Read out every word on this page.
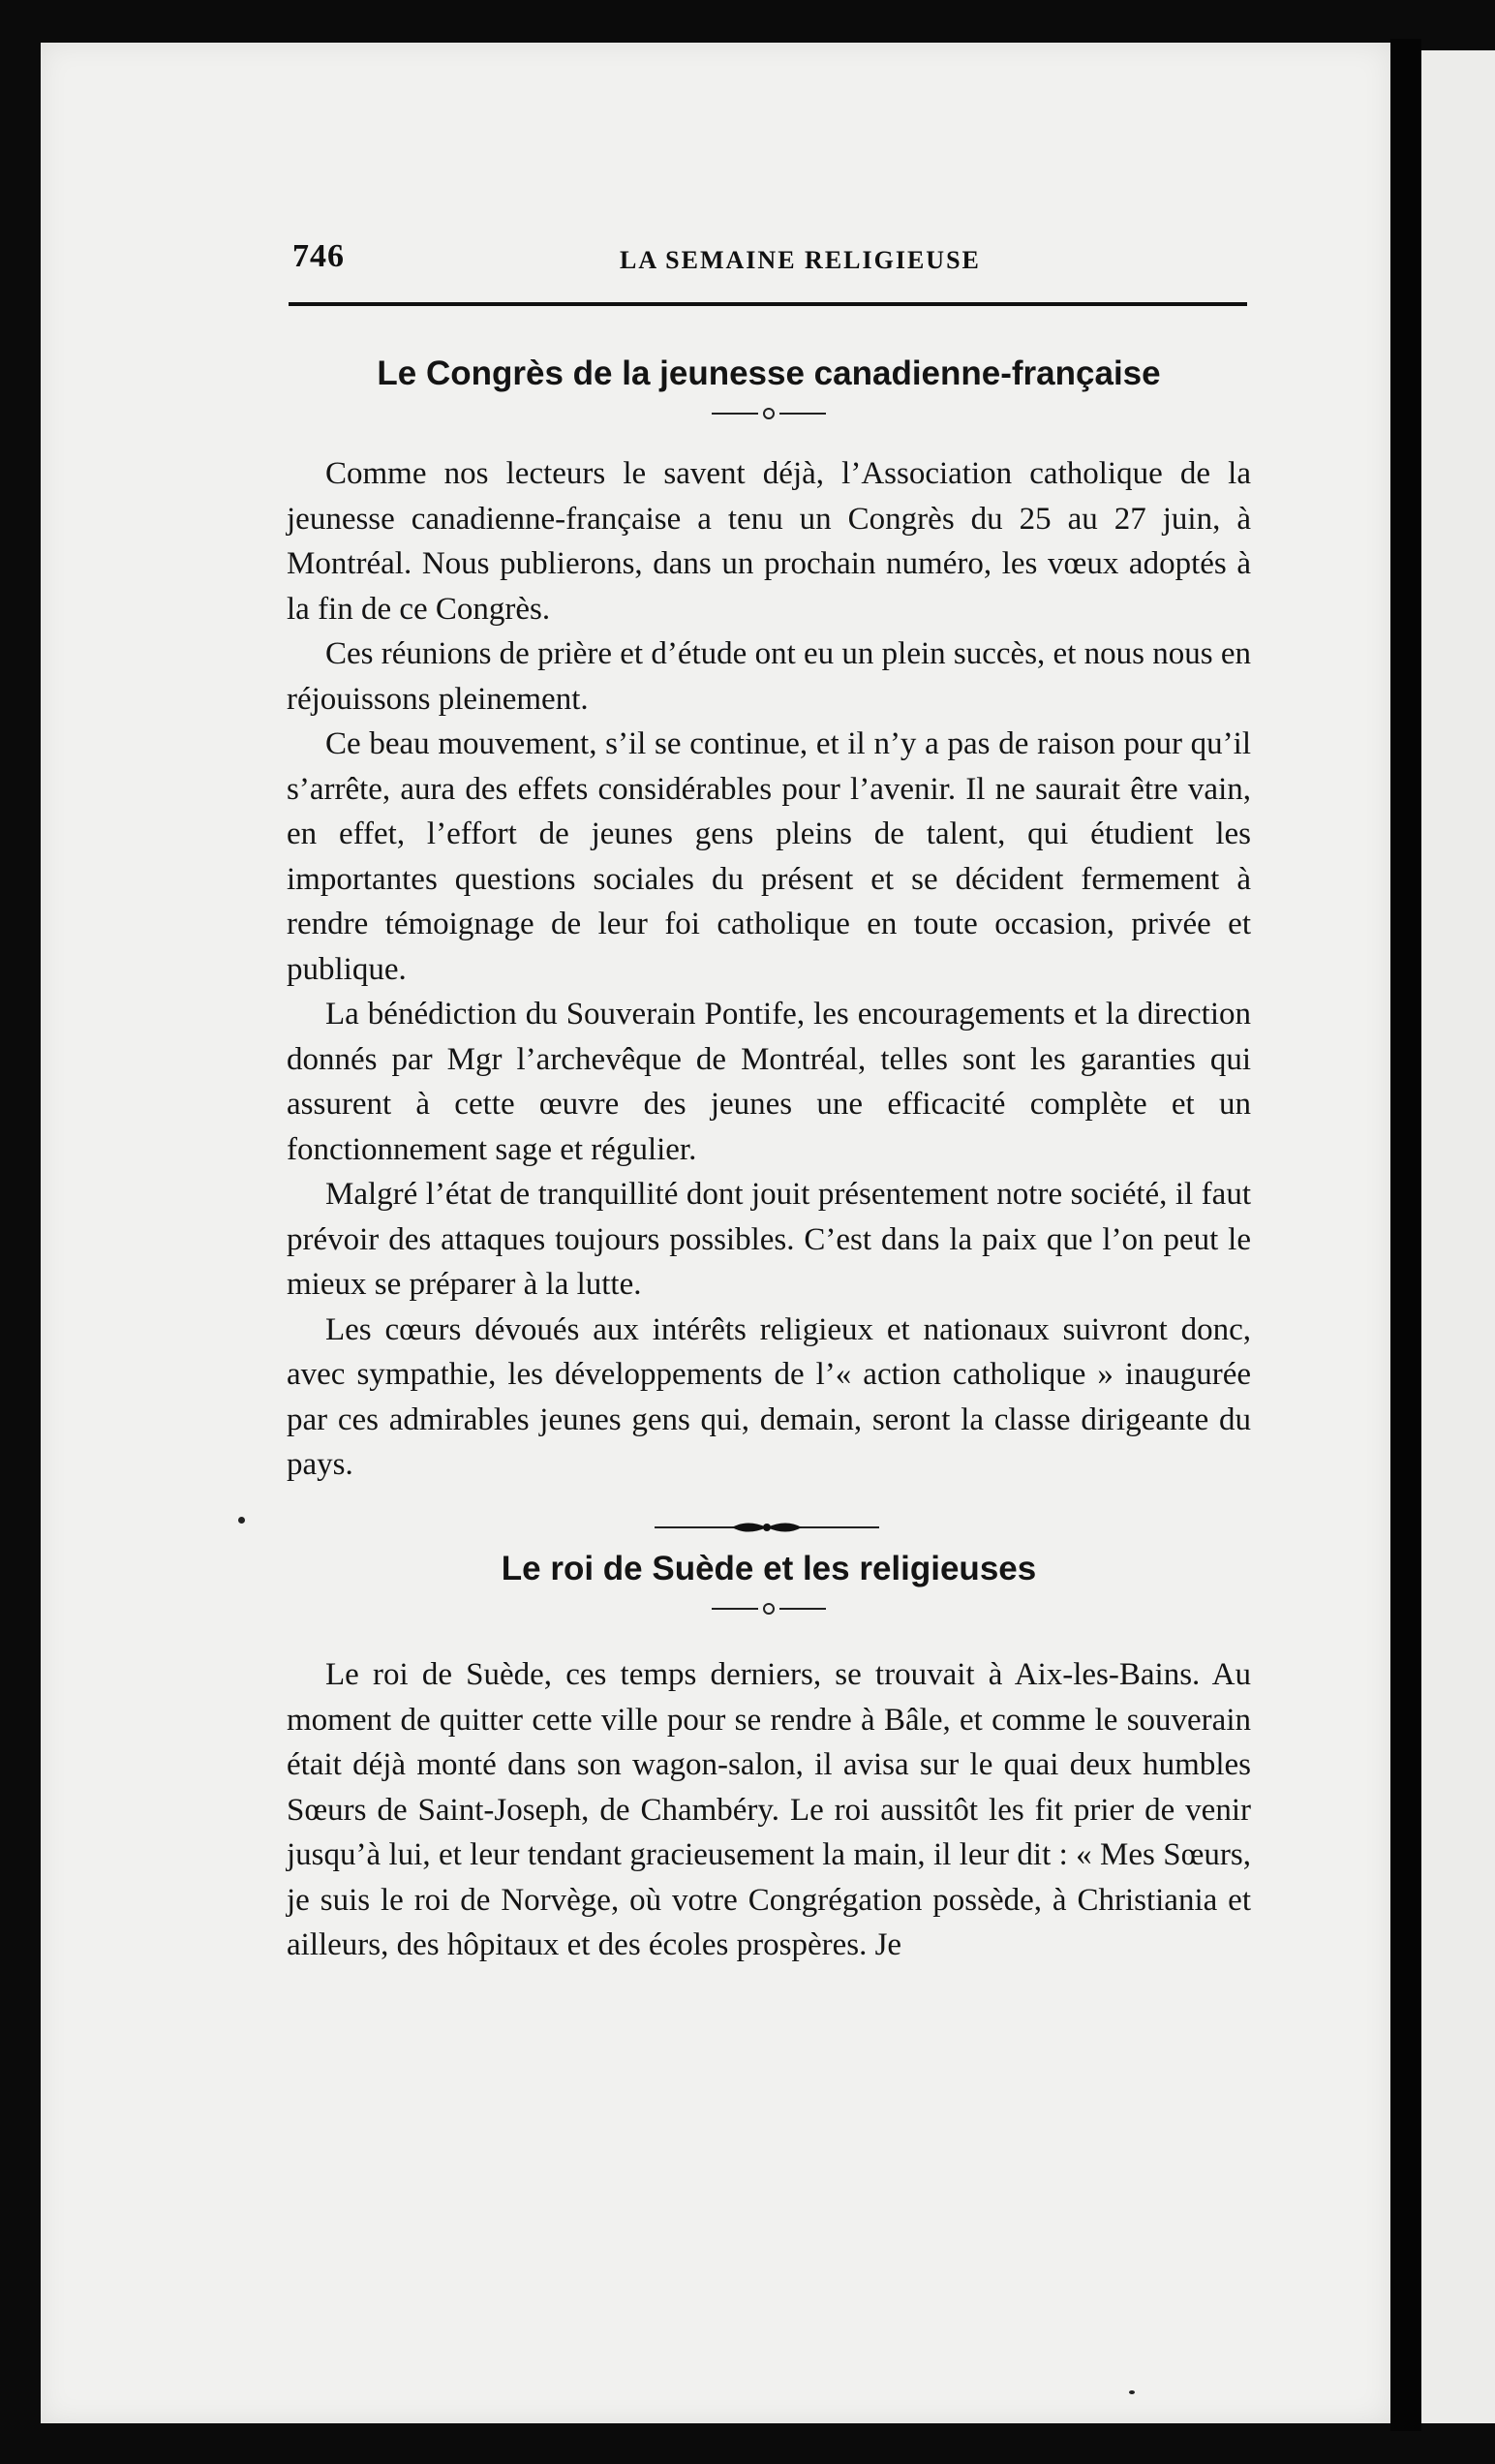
746	LA SEMAINE RELIGIEUSE
Le Congrès de la jeunesse canadienne-française

Comme nos lecteurs le savent déjà, l’Association catholique de la jeunesse canadienne-française a tenu un Congrès du 25 au 27 juin, à Montréal. Nous publierons, dans un prochain numéro, les vœux adoptés à la fin de ce Congrès.

Ces réunions de prière et d’étude ont eu un plein succès, et nous nous en réjouissons pleinement.

Ce beau mouvement, s’il se continue, et il n’y a pas de raison pour qu’il s’arrête, aura des effets considérables pour l’avenir. Il ne saurait être vain, en effet, l’effort de jeunes gens pleins de talent, qui étudient les importantes questions sociales du présent et se décident fermement à rendre témoignage de leur foi catholique en toute occasion, privée et publique.

La bénédiction du Souverain Pontife, les encouragements et la direction donnés par Mgr l’archevêque de Montréal, telles sont les garanties qui assurent à cette œuvre des jeunes une efficacité complète et un fonctionnement sage et régulier.

Malgré l’état de tranquillité dont jouit présentement notre société, il faut prévoir des attaques toujours possibles. C’est dans la paix que l’on peut le mieux se préparer à la lutte.

Les cœurs dévoués aux intérêts religieux et nationaux suivront donc, avec sympathie, les développements de l’« action catholique » inaugurée par ces admirables jeunes gens qui, demain, seront la classe dirigeante du pays.

Le roi de Suède et les religieuses

Le roi de Suède, ces temps derniers, se trouvait à Aix-les-Bains. Au moment de quitter cette ville pour se rendre à Bâle, et comme le souverain était déjà monté dans son wagon-salon, il avisa sur le quai deux humbles Sœurs de Saint-Joseph, de Chambéry. Le roi aussitôt les fit prier de venir jusqu’à lui, et leur tendant gracieusement la main, il leur dit : « Mes Sœurs, je suis le roi de Norvège, où votre Congrégation possède, à Christiania et ailleurs, des hôpitaux et des écoles prospères. Je
